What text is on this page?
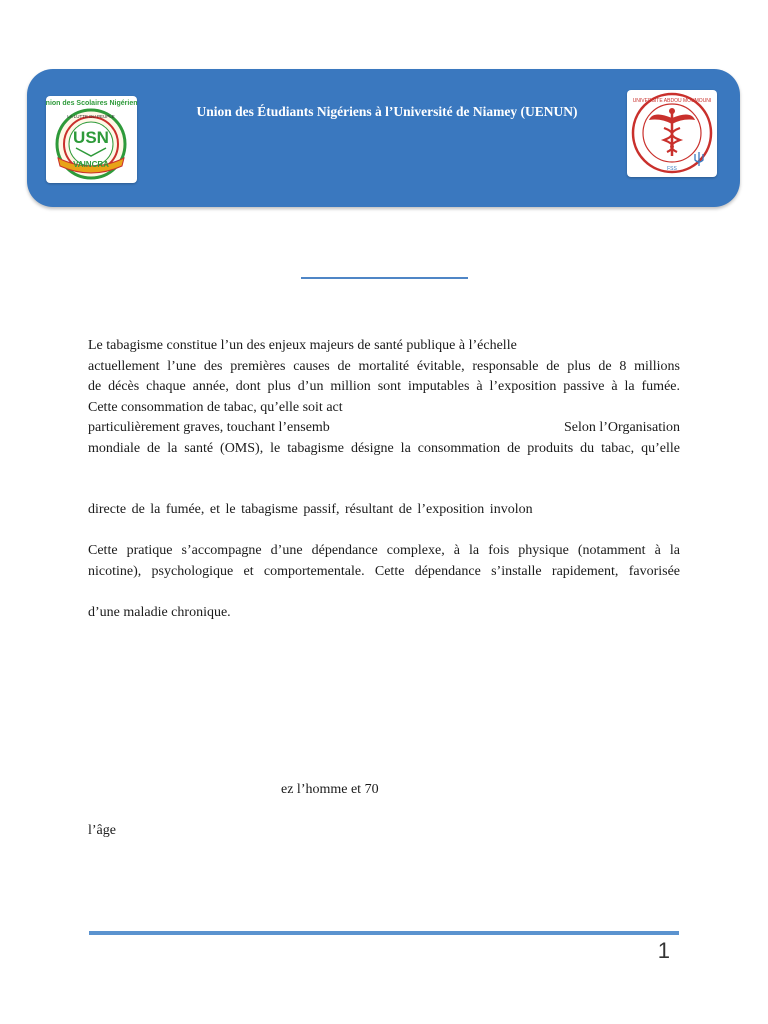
Union des Scolaires Nigériens
LA LUTTE DU PEUPLE
USN
VAINCRA
Union des Étudiants Nigériens à l’Université de Niamey (UENUN)
UNIVERSITE ABDOU MOUMOUNI
FSS
Le tabagisme constitue l’un des enjeux majeurs de santé publique à l’échelle
actuellement l’une des premières causes de mortalité évitable, responsable de plus de 8 millions
de décès chaque année, dont plus d’un million sont imputables à l’exposition passive à la fumée.
Cette consommation de tabac, qu’elle soit act
particulièrement graves, touchant l’ensemb	Selon l’Organisation
mondiale de la santé (OMS), le tabagisme désigne la consommation de produits du tabac, qu’elle
directe de la fumée, et le tabagisme passif, résultant de l’exposition involon
Cette pratique s’accompagne d’une dépendance complexe, à la fois physique (notamment à la
nicotine), psychologique et comportementale. Cette dépendance s’installe rapidement, favorisée
d’une maladie chronique.
ez l’homme et 70
l’âge
1
